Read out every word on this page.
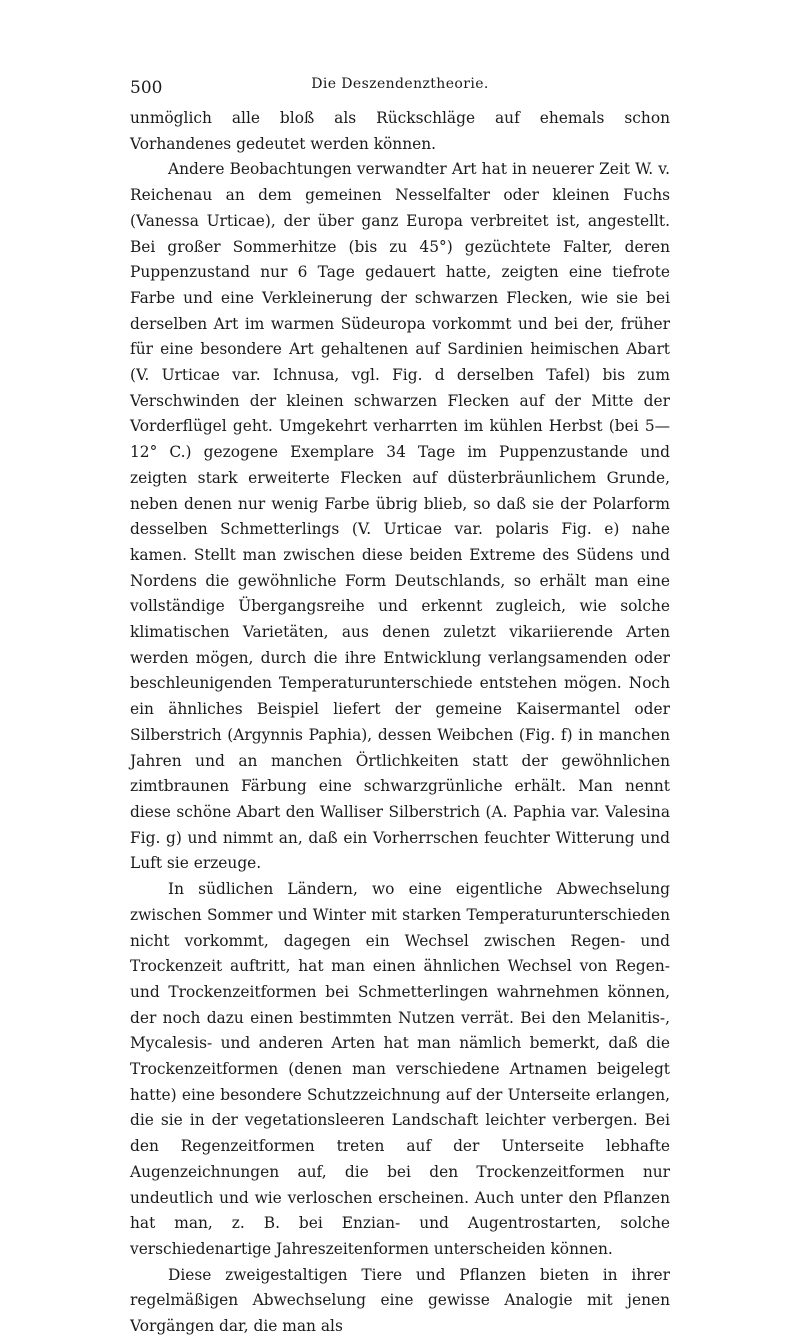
500	Die Deszendenztheorie.

unmöglich alle bloß als Rückschläge auf ehemals schon Vorhandenes gedeutet werden können.

Andere Beobachtungen verwandter Art hat in neuerer Zeit W. v. Reichenau an dem gemeinen Nesselfalter oder kleinen Fuchs (Vanessa Urticae), der über ganz Europa verbreitet ist, angestellt. Bei großer Sommerhitze (bis zu 45°) gezüchtete Falter, deren Puppenzustand nur 6 Tage gedauert hatte, zeigten eine tiefrote Farbe und eine Verkleinerung der schwarzen Flecken, wie sie bei derselben Art im warmen Südeuropa vorkommt und bei der, früher für eine besondere Art gehaltenen auf Sardinien heimischen Abart (V. Urticae var. Ichnusa, vgl. Fig. d derselben Tafel) bis zum Verschwinden der kleinen schwarzen Flecken auf der Mitte der Vorderflügel geht. Umgekehrt verharrten im kühlen Herbst (bei 5—12° C.) gezogene Exemplare 34 Tage im Puppenzustande und zeigten stark erweiterte Flecken auf düsterbräunlichem Grunde, neben denen nur wenig Farbe übrig blieb, so daß sie der Polarform desselben Schmetterlings (V. Urticae var. polaris Fig. e) nahe kamen. Stellt man zwischen diese beiden Extreme des Südens und Nordens die gewöhnliche Form Deutschlands, so erhält man eine vollständige Übergangsreihe und erkennt zugleich, wie solche klimatischen Varietäten, aus denen zuletzt vikariierende Arten werden mögen, durch die ihre Entwicklung verlangsamenden oder beschleunigenden Temperaturunterschiede entstehen mögen. Noch ein ähnliches Beispiel liefert der gemeine Kaisermantel oder Silberstrich (Argynnis Paphia), dessen Weibchen (Fig. f) in manchen Jahren und an manchen Örtlichkeiten statt der gewöhnlichen zimtbraunen Färbung eine schwarzgrünliche erhält. Man nennt diese schöne Abart den Walliser Silberstrich (A. Paphia var. Valesina Fig. g) und nimmt an, daß ein Vorherrschen feuchter Witterung und Luft sie erzeuge.

In südlichen Ländern, wo eine eigentliche Abwechselung zwischen Sommer und Winter mit starken Temperaturunterschieden nicht vorkommt, dagegen ein Wechsel zwischen Regen- und Trockenzeit auftritt, hat man einen ähnlichen Wechsel von Regen- und Trockenzeitformen bei Schmetterlingen wahrnehmen können, der noch dazu einen bestimmten Nutzen verrät. Bei den Melanitis-, Mycalesis- und anderen Arten hat man nämlich bemerkt, daß die Trockenzeitformen (denen man verschiedene Artnamen beigelegt hatte) eine besondere Schutzzeichnung auf der Unterseite erlangen, die sie in der vegetationsleeren Landschaft leichter verbergen. Bei den Regenzeitformen treten auf der Unterseite lebhafte Augenzeichnungen auf, die bei den Trockenzeitformen nur undeutlich und wie verloschen erscheinen. Auch unter den Pflanzen hat man, z. B. bei Enzian- und Augentrostarten, solche verschiedenartige Jahreszeitenformen unterscheiden können.

Diese zweigestaltigen Tiere und Pflanzen bieten in ihrer regelmäßigen Abwechselung eine gewisse Analogie mit jenen Vorgängen dar, die man als
